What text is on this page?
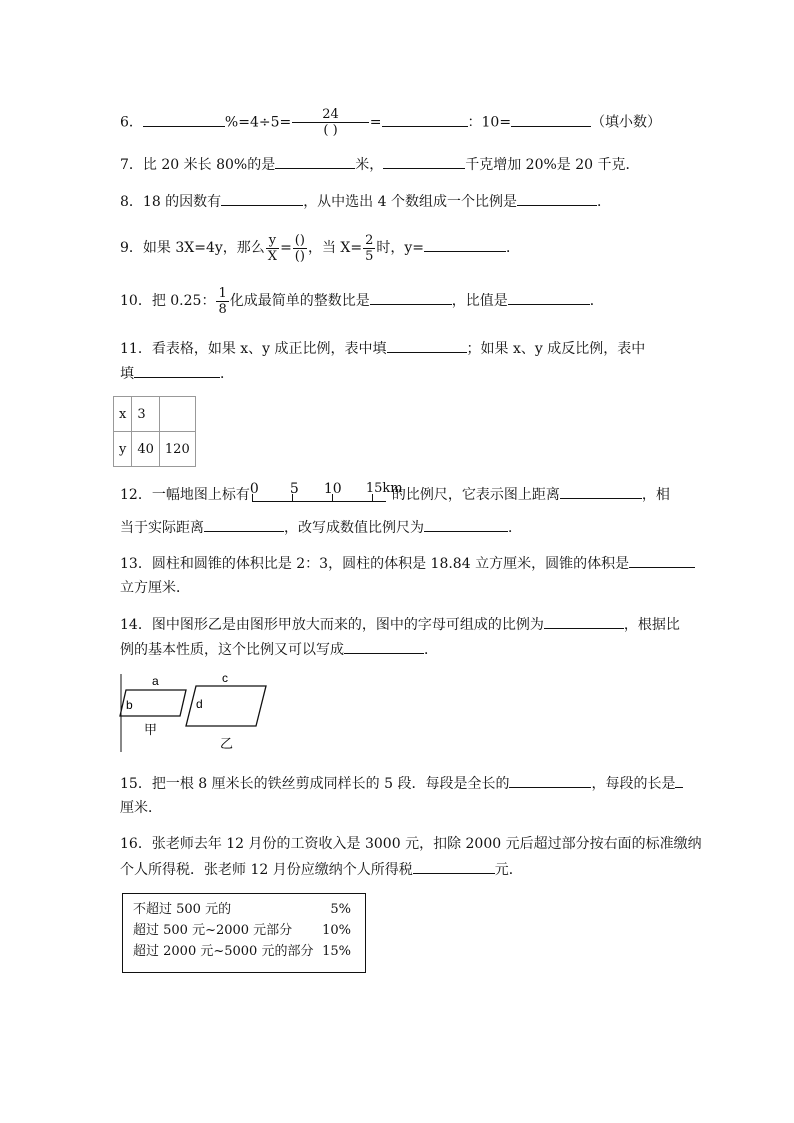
6．	$\%=4\div 5= \frac{24}{( )}$ =	：10=	（填小数）
7．比 20 米长 80%的是	米，	千克增加 20%是 20 千克．
8．18 的因数有	，从中选出 4 个数组成一个比例是	．
9．如果 3X=4y，那么 $\frac{y}{X} = \frac{()}{()}$ ，当 $X= \frac{2}{5}$ 时，y=	．
10．把 0.25： $\frac{1}{8}$ 化成最简单的整数比是	，比值是	．
11．看表格，如果 x、y 成正比例，表中填	；如果 x、y 成反比例，表中
填	．
x	3	
y	40	120
12．一幅地图上标有 0 5 10 15km
的比例尺，它表示图上距离	，相
当于实际距离	，改写成数值比例尺为	．
13．圆柱和圆锥的体积比是 2：3，圆柱的体积是 18.84 立方厘米，圆锥的体积是
立方厘米．
14．图中图形乙是由图形甲放大而来的，图中的字母可组成的比例为	，根据比
例的基本性质，这个比例又可以写成	．
a
b
c
d
甲
乙
15．把一根 8 厘米长的铁丝剪成同样长的 5 段．每段是全长的	，每段的长是
厘米．
16．张老师去年 12 月份的工资收入是 3000 元，扣除 2000 元后超过部分按右面的标准缴纳
个人所得税．张老师 12 月份应缴纳个人所得税	元．
不超过 500 元的	5%
超过 500 元~2000 元部分 10%
超过 2000 元~5000 元的部分 15%
